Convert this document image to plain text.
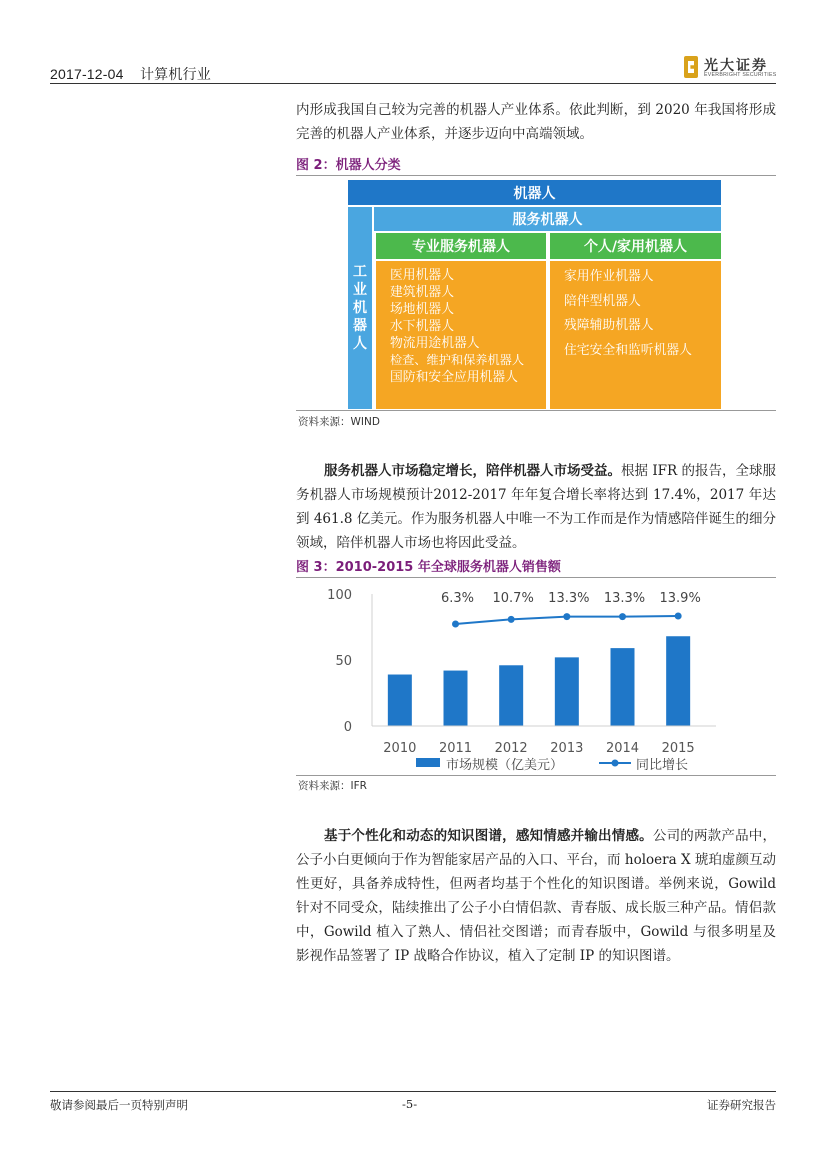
2017-12-04    计算机行业	光大证券
EVERBRIGHT SECURITIES
内形成我国自己较为完善的机器人产业体系。依此判断，到 2020 年我国将形成完善的机器人产业体系，并逐步迈向中高端领域。
图 2：机器人分类
机器人
服务机器人
工
业
机
器
人
专业服务机器人	个人/家用机器人
医用机器人
建筑机器人
场地机器人
水下机器人
物流用途机器人
检查、维护和保养机器人
国防和安全应用机器人
家用作业机器人
陪伴型机器人
残障辅助机器人
住宅安全和监听机器人
资料来源：WIND
服务机器人市场稳定增长，陪伴机器人市场受益。根据 IFR 的报告，全球服务机器人市场规模预计2012-2017 年年复合增长率将达到 17.4%，2017 年达到 461.8 亿美元。作为服务机器人中唯一不为工作而是作为情感陪伴诞生的细分领域，陪伴机器人市场也将因此受益。
图 3：2010-2015 年全球服务机器人销售额
0
50
100	6.3% 10.7% 13.3% 13.3% 13.9%
2010 2011 2012 2013 2014 2015
市场规模（亿美元）	同比增长
资料来源：IFR
基于个性化和动态的知识图谱，感知情感并输出情感。公司的两款产品中，公子小白更倾向于作为智能家居产品的入口、平台，而 holoera X 琥珀虚颜互动性更好，具备养成特性，但两者均基于个性化的知识图谱。举例来说，Gowild 针对不同受众，陆续推出了公子小白情侣款、青春版、成长版三种产品。情侣款中，Gowild 植入了熟人、情侣社交图谱；而青春版中，Gowild 与很多明星及影视作品签署了 IP 战略合作协议，植入了定制 IP 的知识图谱。
敬请参阅最后一页特别声明	-5-	证券研究报告
